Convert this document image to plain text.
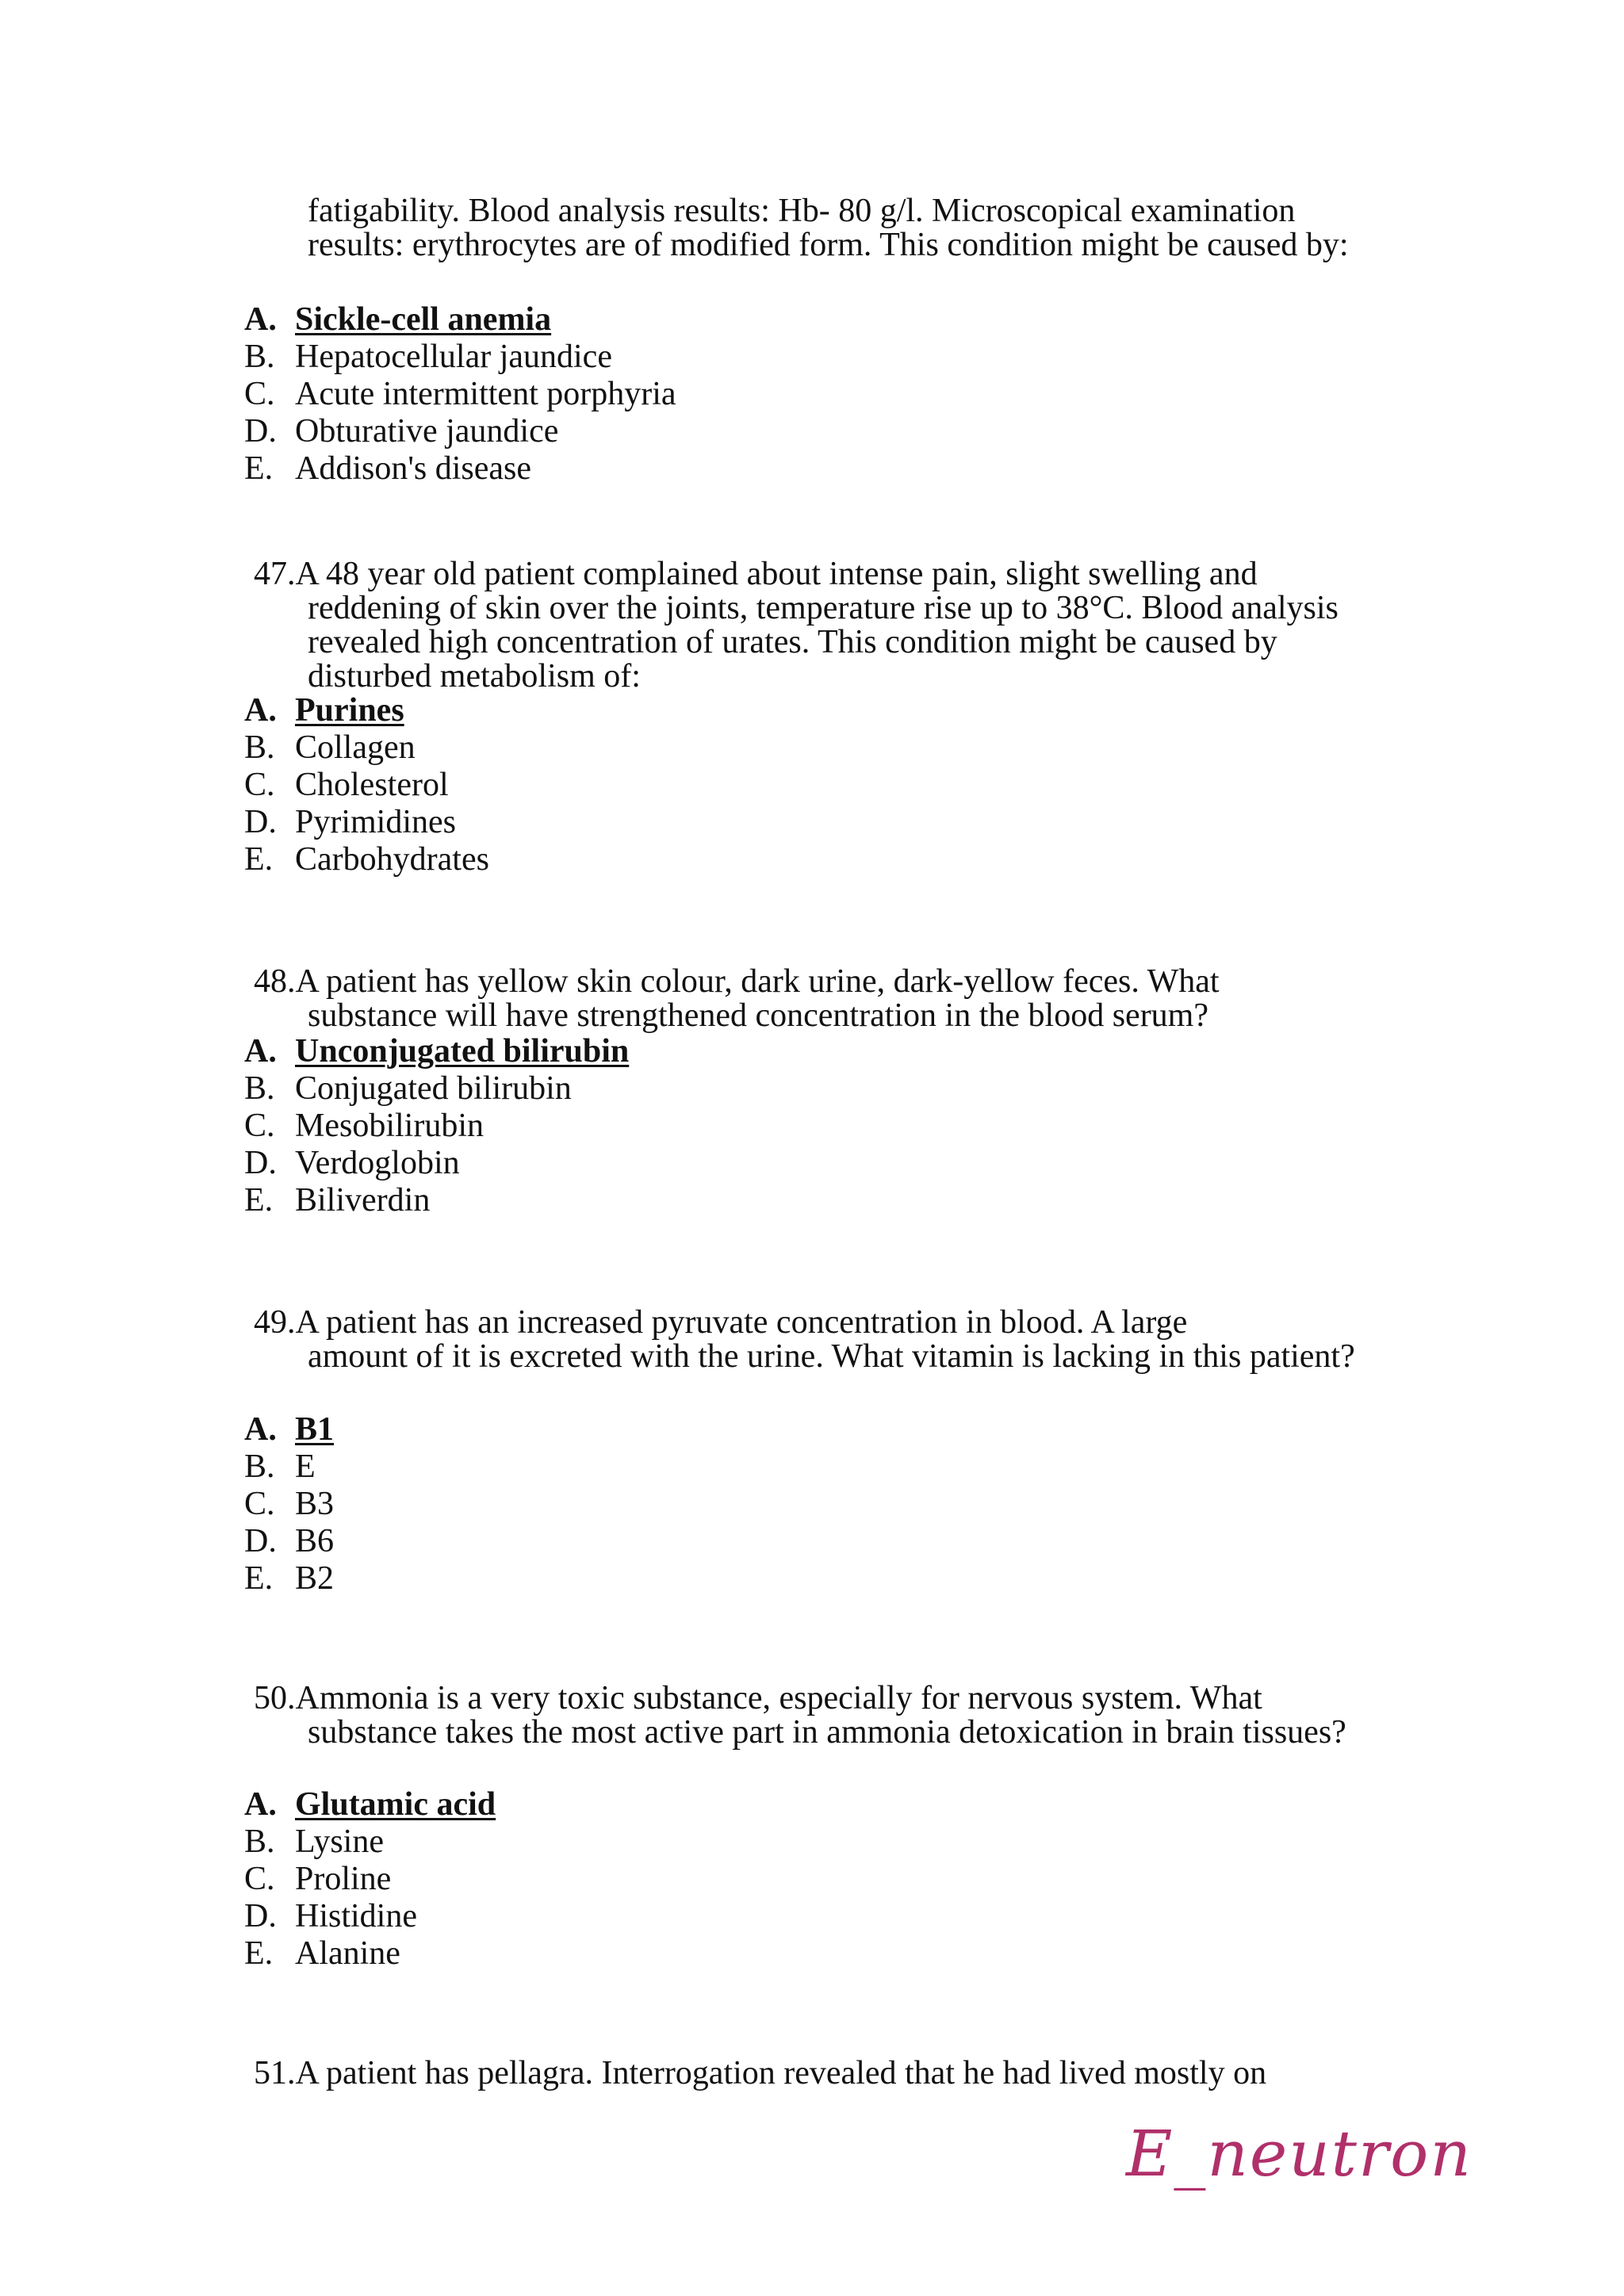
fatigability. Blood analysis results: Hb- 80 g/l. Microscopical examination results: erythrocytes are of modified form. This condition might be caused by:
A. Sickle-cell anemia
B. Hepatocellular jaundice
C. Acute intermittent porphyria
D. Obturative jaundice
E. Addison's disease
47.A 48 year old patient complained about intense pain, slight swelling and
reddening of skin over the joints, temperature rise up to 38°C. Blood analysis revealed high concentration of urates. This condition might be caused by disturbed metabolism of:
A. Purines
B. Collagen
C. Cholesterol
D. Pyrimidines
E. Carbohydrates
48.A patient has yellow skin colour, dark urine, dark-yellow feces. What
substance will have strengthened concentration in the blood serum?
A. Unconjugated bilirubin
B. Conjugated bilirubin
C. Mesobilirubin
D. Verdoglobin
E. Biliverdin
49.A patient has an increased pyruvate concentration in blood. A large
amount of it is excreted with the urine. What vitamin is lacking in this patient?
A. B1
B. E
C. B3
D. B6
E. B2
50.Ammonia is a very toxic substance, especially for nervous system. What
substance takes the most active part in ammonia detoxication in brain tissues?
A. Glutamic acid
B. Lysine
C. Proline
D. Histidine
E. Alanine
51.A patient has pellagra. Interrogation revealed that he had lived mostly on
E_neutron
